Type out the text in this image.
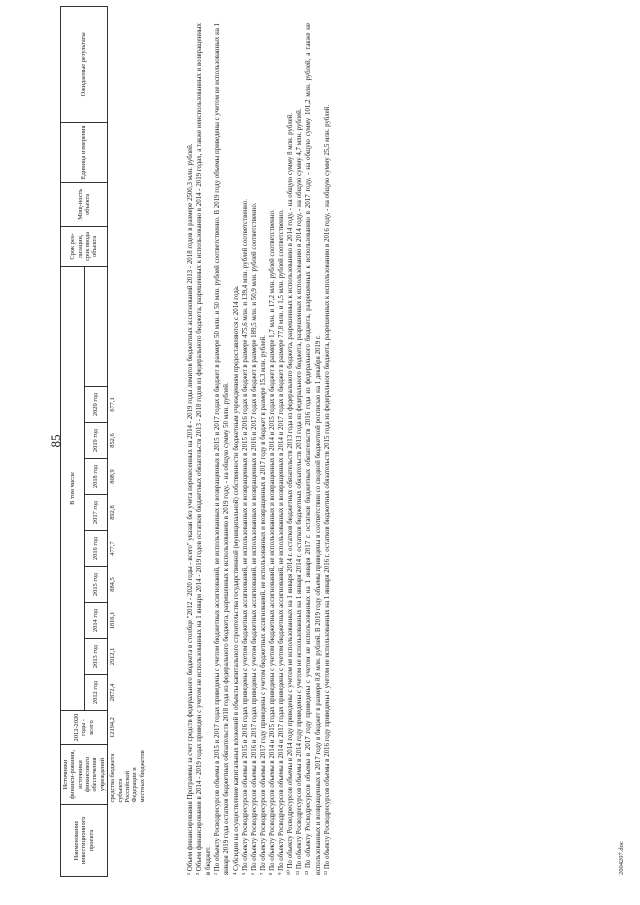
85
Наименование инвестиционного проекта	Источники финанси-рования, источники финансового обеспечения учреждений	2012-2020 годы - всего	В том числе										Срок реа-лизации, срок ввода объекта	Мощ-ность объекта	Единица измерения	Ожидаемые результаты
			2012 год	2013 год	2014 год	2015 год	2016 год	2017 год	2018 год	2019 год	2020 год					
	средства бюджета субъекта Российской Федерации и местных бюджетов	12194,2	2872,4	2912,1	1816,1	884,5	477,7	892,8	808,9	852,6	677,1						¹ Объем финансирования Программы за счет средств федерального бюджета в столбце "2012 - 2020 годы - всего" указан без учета перенесенных на 2014 - 2019 годы лимитов бюджетных ассигнований 2013 - 2018 годов в размере 2500,3 млн. рублей. ² Объем финансирования в 2014 - 2019 годах приведен с учетом не использованных на 1 января 2014 - 2019 годов остатков бюджетных обязательств 2013 - 2018 годов из федерального бюджета, разрешенных к использованию в 2014 - 2019 годах, а также неиспользованных и возвращенных в бюджет. ³ По объекту Росводресурсов объемы в 2015 и 2017 годах приведены с учетом бюджетных ассигнований, не использованных и возвращенных в 2015 и 2017 годах в бюджет в размере 50 млн. и 50 млн. рублей соответственно. В 2019 году объемы приведены с учетом не использованных на 1 января 2019 года остатков бюджетных обязательств 2018 года из федерального бюджета, разрешенных к использованию в 2019 году, - на общую сумму 50 млн. рублей. ⁴ Субсидии на осуществление капитальных вложений в объекты капитального строительства государственной (муниципальной) собственности бюджетным учреждениям предоставляются с 2014 года. ⁵ По объекту Росводресурсов объемы в 2015 и 2016 годах приведены с учетом бюджетных ассигнований, не использованных и возвращенных в 2015 и 2016 годах в бюджет в размере 475,6 млн. и 139,4 млн. рублей соответственно. ⁶ По объекту Росводресурсов объемы в 2016 и 2017 годах приведены с учетом бюджетных ассигнований, не использованных и возвращенных в 2016 и 2017 годах в бюджет в размере 189,5 млн. и 50,9 млн. рублей соответственно. ⁷ По объекту Росводресурсов объемы в 2017 году приведены с учетом бюджетных ассигнований, не использованных и возвращенных в 2017 году в бюджет в размере 15,3 млн. рублей. ⁸ По объекту Росводресурсов объемы в 2014 и 2015 годах приведены с учетом бюджетных ассигнований, не использованных и возвращенных в 2014 и 2015 годах в бюджет в размере 1,7 млн. и 17,2 млн. рублей соответственно. ⁹ По объекту Росводресурсов объемы в 2014 и 2017 годах приведены с учетом бюджетных ассигнований, не использованных и возвращенных в 2014 и 2017 годах в бюджет в размере 77,8 млн. и 1,5 млн. рублей соответственно. ¹⁰ По объекту Росводресурсов объемы в 2014 году приведены с учетом не использованных на 1 января 2014 г. остатков бюджетных обязательств 2013 года из федерального бюджета, разрешенных к использованию в 2014 году, - на общую сумму 8 млн. рублей. ¹¹ По объекту Росводресурсов объемы в 2014 году приведены с учетом не использованных на 1 января 2014 г. остатков бюджетных обязательств 2013 года из федерального бюджета, разрешенных к использованию в 2014 году, - на общую сумму 4,7 млн. рублей. ¹² По объекту Росводресурсов объемы в 2017 году приведены с учетом не использованных на 1 января 2017 г. остатков бюджетных обязательств 2016 года из федерального бюджета, разрешенных к использованию в 2017 году, - на общую сумму 101,2 млн. рублей, а также не использованных и возвращенных в 2017 году в бюджет в размере 8,8 млн. рублей. В 2019 году объемы приведены в соответствии со сводной бюджетной росписью на 1 декабря 2019 г. ¹³ По объекту Росводресурсов объемы в 2016 году приведены с учетом не использованных на 1 января 2016 г. остатков бюджетных обязательств 2015 года из федерального бюджета, разрешенных к использованию в 2016 году, - на общую сумму 25,5 млн. рублей.	2004207.doc
